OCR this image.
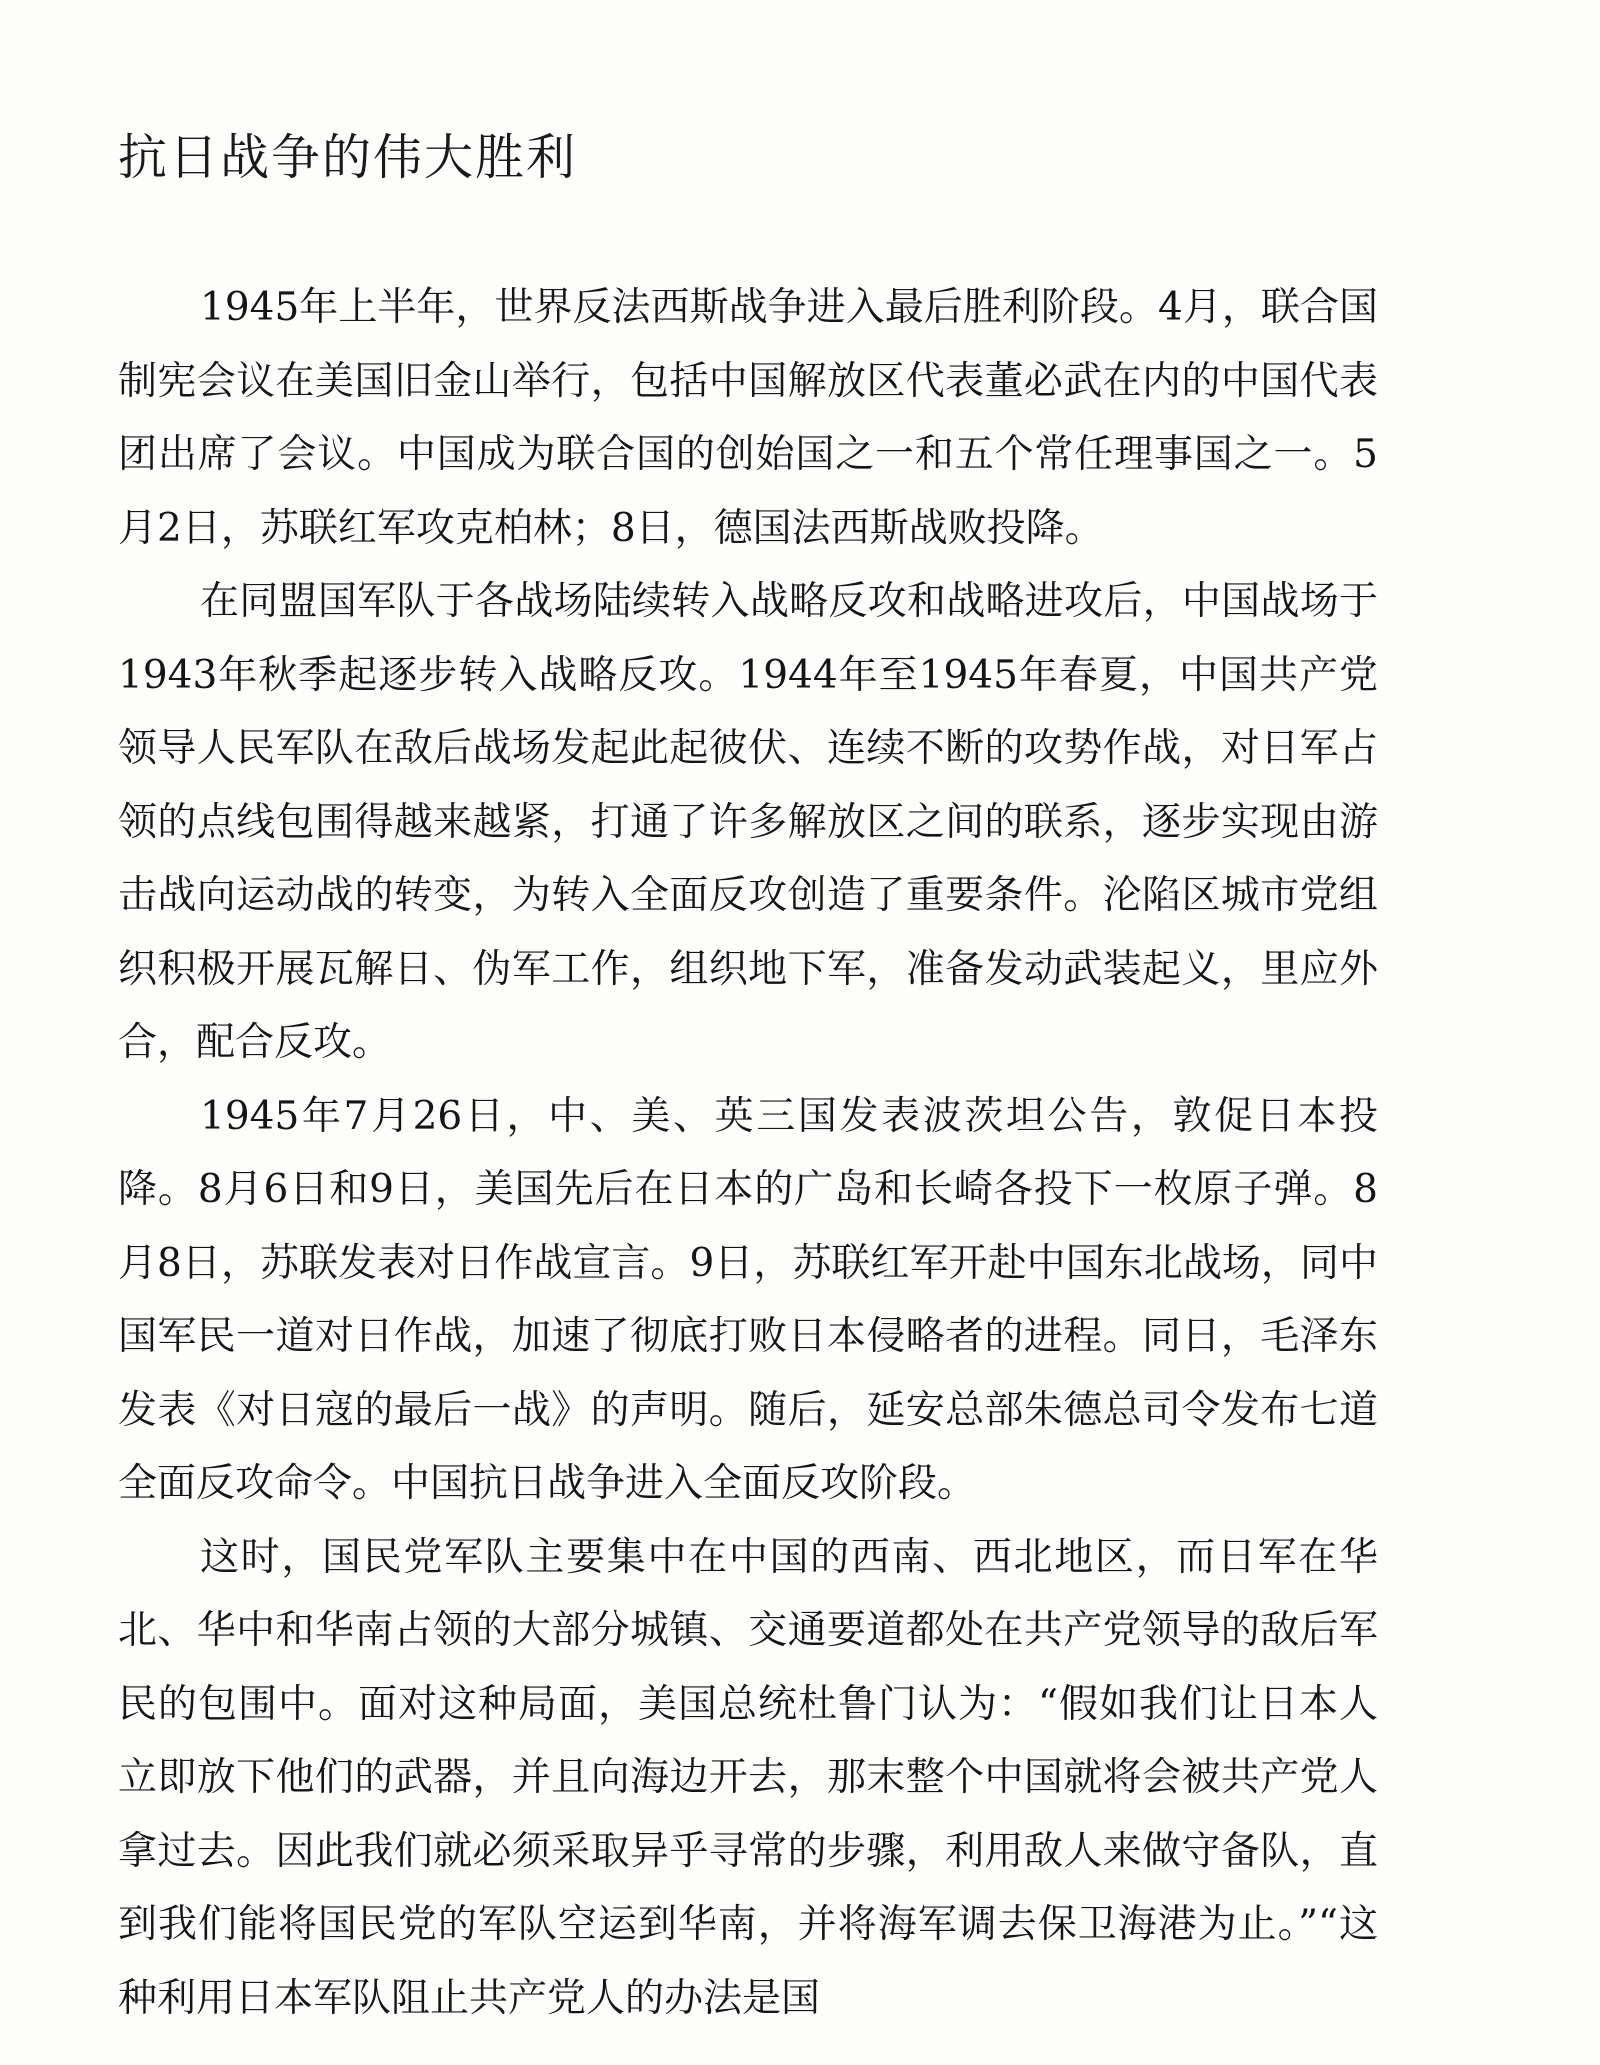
抗日战争的伟大胜利

1945年上半年，世界反法西斯战争进入最后胜利阶段。4月，联合国制宪会议在美国旧金山举行，包括中国解放区代表董必武在内的中国代表团出席了会议。中国成为联合国的创始国之一和五个常任理事国之一。5月2日，苏联红军攻克柏林；8日，德国法西斯战败投降。

在同盟国军队于各战场陆续转入战略反攻和战略进攻后，中国战场于1943年秋季起逐步转入战略反攻。1944年至1945年春夏，中国共产党领导人民军队在敌后战场发起此起彼伏、连续不断的攻势作战，对日军占领的点线包围得越来越紧，打通了许多解放区之间的联系，逐步实现由游击战向运动战的转变，为转入全面反攻创造了重要条件。沦陷区城市党组织积极开展瓦解日、伪军工作，组织地下军，准备发动武装起义，里应外合，配合反攻。

1945年7月26日，中、美、英三国发表波茨坦公告，敦促日本投降。8月6日和9日，美国先后在日本的广岛和长崎各投下一枚原子弹。8月8日，苏联发表对日作战宣言。9日，苏联红军开赴中国东北战场，同中国军民一道对日作战，加速了彻底打败日本侵略者的进程。同日，毛泽东发表《对日寇的最后一战》的声明。随后，延安总部朱德总司令发布七道全面反攻命令。中国抗日战争进入全面反攻阶段。

这时，国民党军队主要集中在中国的西南、西北地区，而日军在华北、华中和华南占领的大部分城镇、交通要道都处在共产党领导的敌后军民的包围中。面对这种局面，美国总统杜鲁门认为：“假如我们让日本人立即放下他们的武器，并且向海边开去，那末整个中国就将会被共产党人拿过去。因此我们就必须采取异乎寻常的步骤，利用敌人来做守备队，直到我们能将国民党的军队空运到华南，并将海军调去保卫海港为止。”“这种利用日本军队阻止共产党人的办法是国
